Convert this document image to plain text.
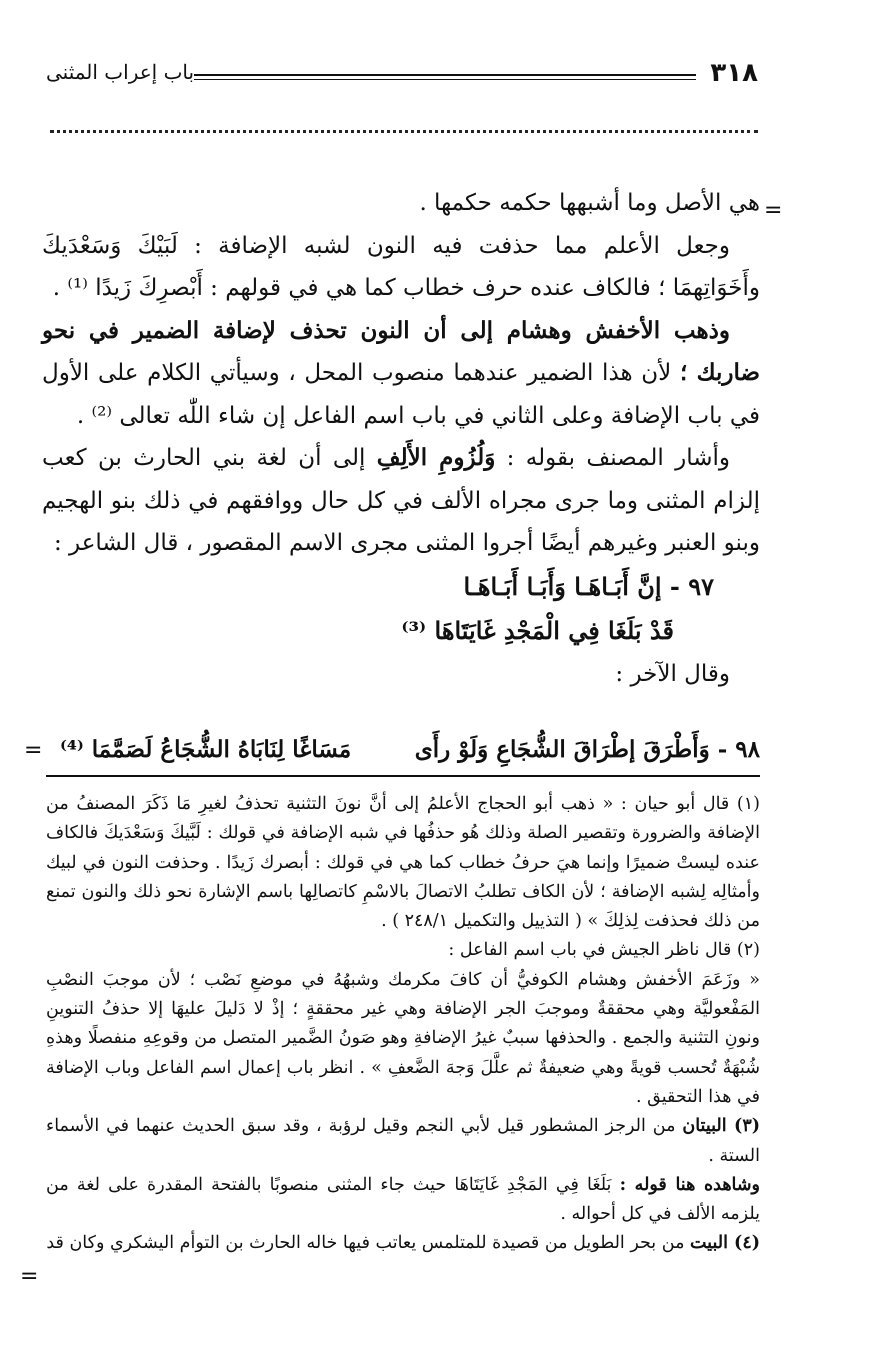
٣١٨
باب إعراب المثنى
=

هي الأصل وما أشبهها حكمه حكمها .

وجعل الأعلم مما حذفت فيه النون لشبه الإضافة : لَبَيْكَ وَسَعْدَيكَ وأَخَوَاتِهمَا ؛ فالكاف عنده حرف خطاب كما هي في قولهم : أَبْصرِكَ زَيدًا ⁽¹⁾ .

وذهب الأخفش وهشام إلى أن النون تحذف لإضافة الضمير في نحو ضاربك ؛ لأن هذا الضمير عندهما منصوب المحل ، وسيأتي الكلام على الأول في باب الإضافة وعلى الثاني في باب اسم الفاعل إن شاء اللّٰه تعالى ⁽²⁾ .

وأشار المصنف بقوله : وَلُزُومِ الأَلِفِ إلى أن لغة بني الحارث بن كعب إلزام المثنى وما جرى مجراه الألف في كل حال ووافقهم في ذلك بنو الهجيم وبنو العنبر وغيرهم أيضًا أجروا المثنى مجرى الاسم المقصور ، قال الشاعر :

٩٧ - إنَّ أَبَـاهَـا وَأَبَـا أَبَـاهَـا
قَدْ بَلَغَا فِي الْمَجْدِ غَايَتَاهَا ⁽³⁾

وقال الآخر :

٩٨ - وَأَطْرَقَ إطْرَاقَ الشُّجَاعِ وَلَوْ رأَى
مَسَاغًا لِنَابَاهُ الشُّجَاعُ لَصَمَّمَا ⁽⁴⁾
=

(١) قال أبو حيان : « ذهب أبو الحجاج الأعلمُ إلى أنَّ نونَ التثنية تحذفُ لغيرِ مَا ذَكَرَ المصنفُ من الإضافة والضرورة وتقصير الصلة وذلك هُو حذفُها في شبه الإضافة في قولك : لَبَّيكَ وَسَعْدَيكَ فالكاف عنده ليستْ ضميرًا وإنما هيَ حرفُ خطاب كما هي في قولك : أبصرك زَيدًا . وحذفت النون في لبيك وأمثالِه لِشبه الإضافة ؛ لأن الكاف تطلبُ الاتصالَ بالاسْمِ كاتصالِها باسم الإشارة نحو ذلك والنون تمنع من ذلك فحذفت لِذلِكَ » ( التذييل والتكميل ٢٤٨/١ ) .

(٢) قال ناظر الجيش في باب اسم الفاعل :

« وزَعَمَ الأخفش وهشام الكوفيُّ أن كافَ مكرمك وشبهُهُ في موضعِ نَصْب ؛ لأن موجبَ النصْبِ المَفْعوليَّة وهي محققةٌ وموجبَ الجر الإضافة وهي غير محققةٍ ؛ إذْ لا دَليلَ عليهَا إلا حذفُ التنوينِ ونونِ التثنية والجمع . والحذفها سببٌ غيرُ الإضافةِ وهو صَونُ الضَّمير المتصل من وقوعِهِ منفصلًا وهذهِ شُبْهَةٌ تُحسب قويةً وهي ضعيفةٌ ثم علَّلَ وَجهَ الضَّعفِ » . انظر باب إعمال اسم الفاعل وباب الإضافة في هذا التحقيق .

(٣) البيتان من الرجز المشطور قيل لأبي النجم وقيل لرؤبة ، وقد سبق الحديث عنهما في الأسماء الستة .

وشاهده هنا قوله : بَلَغَا فِي المَجْدِ غَايَتَاهَا حيث جاء المثنى منصوبًا بالفتحة المقدرة على لغة من يلزمه الألف في كل أحواله .

(٤) البيت من بحر الطويل من قصيدة للمتلمس يعاتب فيها خاله الحارث بن التوأم اليشكري وكان قد

=
